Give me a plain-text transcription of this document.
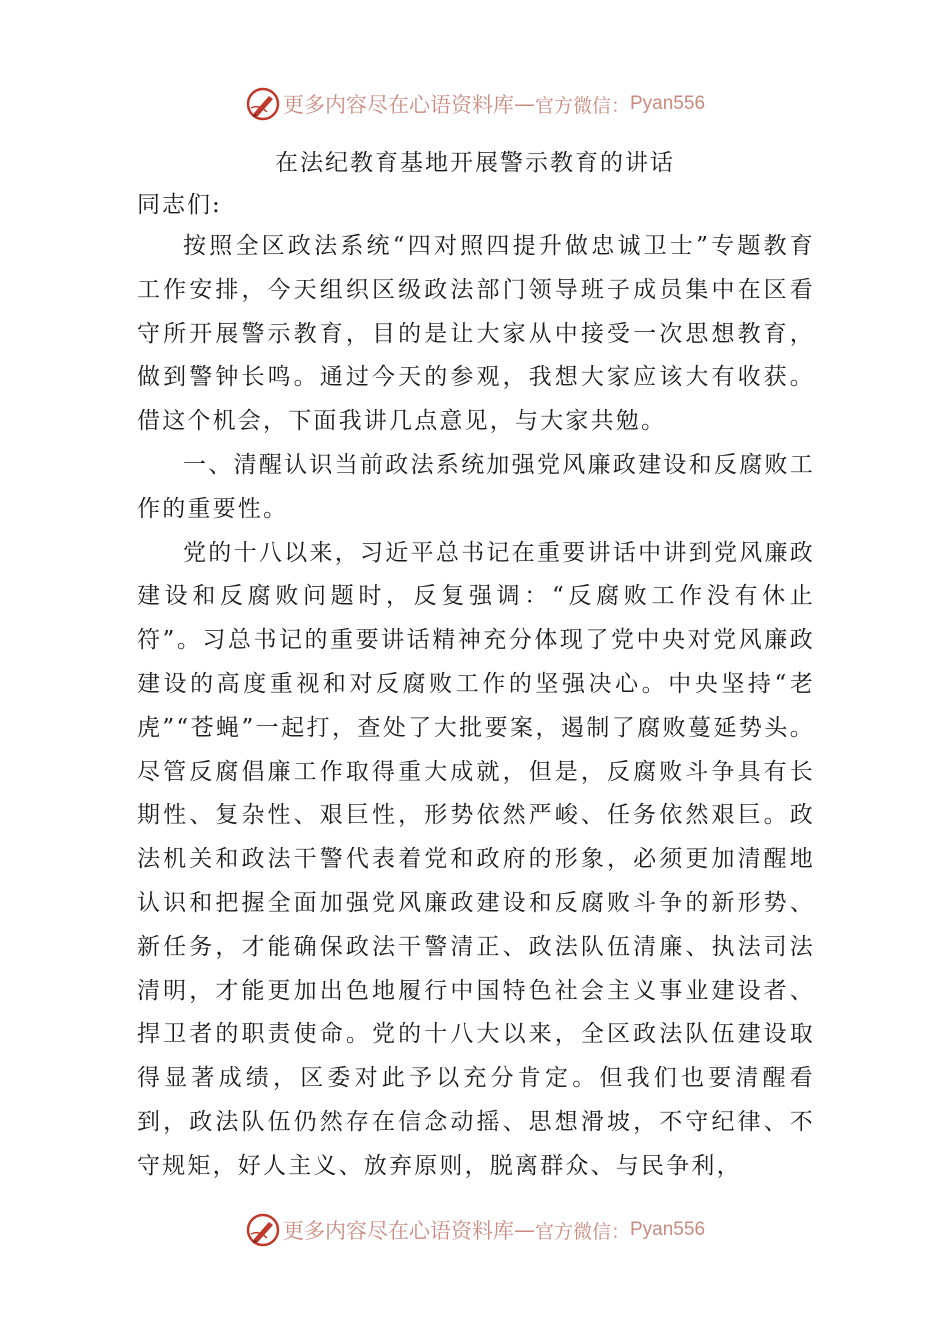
更多内容尽在心语资料库 — 官方微信： Pyan556
在法纪教育基地开展警示教育的讲话
同志们:

按照全区政法系统“四对照四提升做忠诚卫士”专题教育工作安排，今天组织区级政法部门领导班子成员集中在区看守所开展警示教育，目的是让大家从中接受一次思想教育，做到警钟长鸣。通过今天的参观，我想大家应该大有收获。借这个机会，下面我讲几点意见，与大家共勉。

一、清醒认识当前政法系统加强党风廉政建设和反腐败工作的重要性。

党的十八以来，习近平总书记在重要讲话中讲到党风廉政建设和反腐败问题时，反复强调：“反腐败工作没有休止符”。习总书记的重要讲话精神充分体现了党中央对党风廉政建设的高度重视和对反腐败工作的坚强决心。中央坚持“老虎”“苍蝇”一起打，查处了大批要案，遏制了腐败蔓延势头。尽管反腐倡廉工作取得重大成就，但是，反腐败斗争具有长期性、复杂性、艰巨性，形势依然严峻、任务依然艰巨。政法机关和政法干警代表着党和政府的形象，必须更加清醒地认识和把握全面加强党风廉政建设和反腐败斗争的新形势、新任务，才能确保政法干警清正、政法队伍清廉、执法司法清明，才能更加出色地履行中国特色社会主义事业建设者、捍卫者的职责使命。党的十八大以来，全区政法队伍建设取得显著成绩，区委对此予以充分肯定。但我们也要清醒看到，政法队伍仍然存在信念动摇、思想滑坡，不守纪律、不守规矩，好人主义、放弃原则，脱离群众、与民争利，

更多内容尽在心语资料库 — 官方微信： Pyan556
